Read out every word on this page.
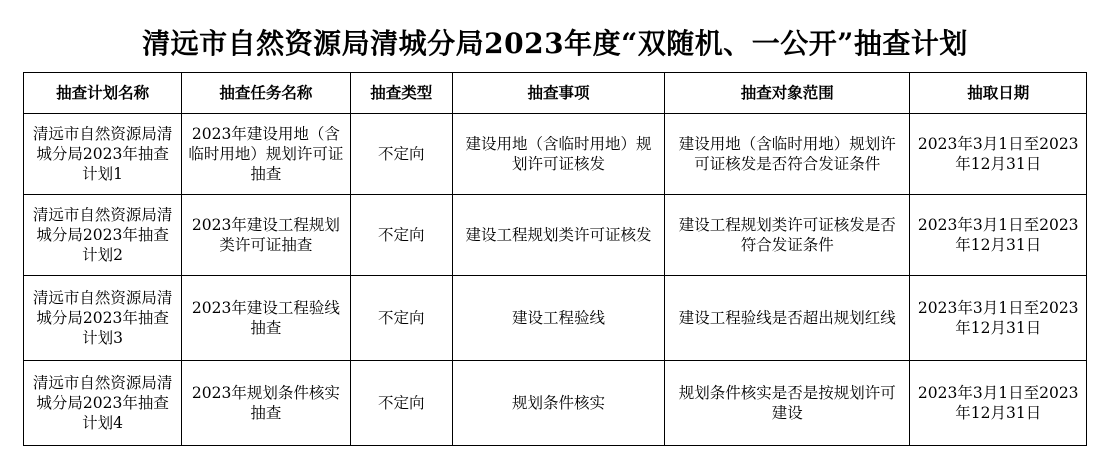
清远市自然资源局清城分局2023年度“双随机、一公开”抽查计划
抽查计划名称	抽查任务名称	抽查类型	抽查事项	抽查对象范围	抽取日期
清远市自然资源局清城分局2023年抽查计划1	2023年建设用地（含临时用地）规划许可证抽查	不定向	建设用地（含临时用地）规划许可证核发	建设用地（含临时用地）规划许可证核发是否符合发证条件	2023年3月1日至2023年12月31日
清远市自然资源局清城分局2023年抽查计划2	2023年建设工程规划类许可证抽查	不定向	建设工程规划类许可证核发	建设工程规划类许可证核发是否符合发证条件	2023年3月1日至2023年12月31日
清远市自然资源局清城分局2023年抽查计划3	2023年建设工程验线抽查	不定向	建设工程验线	建设工程验线是否超出规划红线	2023年3月1日至2023年12月31日
清远市自然资源局清城分局2023年抽查计划4	2023年规划条件核实抽查	不定向	规划条件核实	规划条件核实是否是按规划许可建设	2023年3月1日至2023年12月31日
